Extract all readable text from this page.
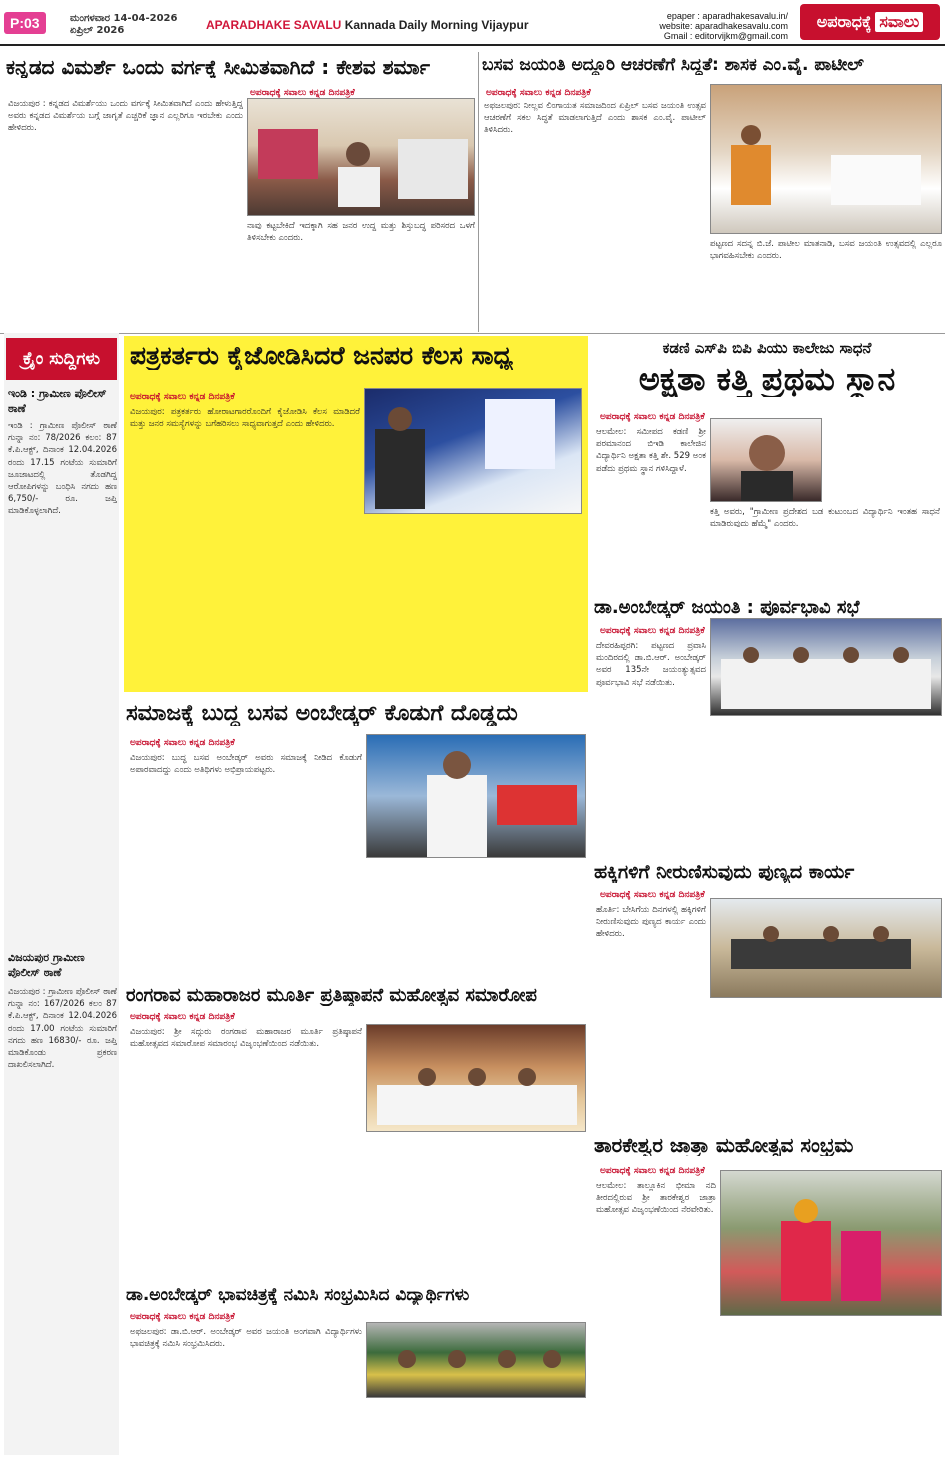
P:03	ಮಂಗಳವಾರ 14-04-2026
ಏಪ್ರಿಲ್ 2026	APARADHAKE SAVALU Kannada Daily Morning Vijaypur
epaper : aparadhakesavalu.in/
website: aparadhakesavalu.com
Gmail : editorvijkm@gmail.com
ಅಪರಾಧಕ್ಕೆ ಸವಾಲು
ಕನ್ನಡದ ವಿಮರ್ಶೆ ಒಂದು ವರ್ಗಕ್ಕೆ ಸೀಮಿತವಾಗಿದೆ : ಕೇಶವ ಶರ್ಮಾ
ಅಪರಾಧಕ್ಕೆ ಸವಾಲು ಕನ್ನಡ ದಿನಪತ್ರಿಕೆ
ವಿಜಯಪುರ : ಕನ್ನಡದ ವಿಮರ್ಶೆಯು ಒಂದು ವರ್ಗಕ್ಕೆ ಸೀಮಿತವಾಗಿದೆ ಎಂದು ಹೇಳುತ್ತಿದ್ದ ಅವರು ಕನ್ನಡದ ವಿಮರ್ಶೆಯ ಬಗ್ಗೆ ಜಾಗೃತೆ ಎಚ್ಚರಿಕೆ ಜ್ಞಾನ ಎಲ್ಲರಿಗೂ ಇರಬೇಕು ಎಂದು ಹೇಳಿದರು.
ನಾವು ಕಟ್ಟಬೇಕಿದೆ ಇದಕ್ಕಾಗಿ ಸಹ ಜನರ ಉದ್ದ ಮತ್ತು ಶಿಸ್ತುಬದ್ಧ ಪರಿಸರದ ಒಳಗೆ ತಿಳಿಸಬೇಕು ಎಂದರು.
ಬಸವ ಜಯಂತಿ ಅದ್ದೂರಿ ಆಚರಣೆಗೆ ಸಿದ್ಧತೆ: ಶಾಸಕ ಎಂ.ವೈ. ಪಾಟೀಲ್
ಅಪರಾಧಕ್ಕೆ ಸವಾಲು ಕನ್ನಡ ದಿನಪತ್ರಿಕೆ
ಅಫಜಲಪುರ: ನೀಲ್ಲವ ಲಿಂಗಾಯತ ಸಮಾಜದಿಂದ ಏಪ್ರಿಲ್ ಬಸವ ಜಯಂತಿ ಉತ್ಸವ ಆಚರಣೆಗೆ ಸಕಲ ಸಿದ್ಧತೆ ಮಾಡಲಾಗುತ್ತಿದೆ ಎಂದು ಶಾಸಕ ಎಂ.ವೈ. ಪಾಟೀಲ್ ತಿಳಿಸಿದರು.
ಪಟ್ಟಣದ ಸದನ್ನ ಬಿ.ಜೆ. ಪಾಟೀಲ ಮಾತನಾಡಿ, ಬಸವ ಜಯಂತಿ ಉತ್ಸವದಲ್ಲಿ ಎಲ್ಲರೂ ಭಾಗವಹಿಸಬೇಕು ಎಂದರು.
ಕ್ರೈಂ ಸುದ್ದಿಗಳು
ಇಂಡಿ : ಗ್ರಾಮೀಣ ಪೊಲೀಸ್ ಠಾಣೆ
ಇಂಡಿ : ಗ್ರಾಮೀಣ ಪೊಲೀಸ್ ಠಾಣೆ ಗುನ್ನಾ ನಂ: 78/2026 ಕಲಂ: 87 ಕೆ.ಪಿ.ಆಕ್ಟ್, ದಿನಾಂಕ 12.04.2026 ರಂದು 17.15 ಗಂಟೆಯ ಸುಮಾರಿಗೆ ಜೂಜಾಟದಲ್ಲಿ ತೊಡಗಿದ್ದ ಆರೋಪಿಗಳನ್ನು ಬಂಧಿಸಿ ನಗದು ಹಣ 6,750/- ರೂ. ಜಪ್ತಿ ಮಾಡಿಕೊಳ್ಳಲಾಗಿದೆ.
ವಿಜಯಪುರ ಗ್ರಾಮೀಣ ಪೊಲೀಸ್ ಠಾಣೆ
ವಿಜಯಪುರ : ಗ್ರಾಮೀಣ ಪೊಲೀಸ್ ಠಾಣೆ ಗುನ್ನಾ ನಂ: 167/2026 ಕಲಂ 87 ಕೆ.ಪಿ.ಆಕ್ಟ್, ದಿನಾಂಕ 12.04.2026 ರಂದು 17.00 ಗಂಟೆಯ ಸುಮಾರಿಗೆ ನಗದು ಹಣ 16830/- ರೂ. ಜಪ್ತಿ ಮಾಡಿಕೊಂಡು ಪ್ರಕರಣ ದಾಖಲಿಸಲಾಗಿದೆ.
ಪತ್ರಕರ್ತರು ಕೈಜೋಡಿಸಿದರೆ ಜನಪರ ಕೆಲಸ ಸಾಧ್ಯ
ಅಪರಾಧಕ್ಕೆ ಸವಾಲು ಕನ್ನಡ ದಿನಪತ್ರಿಕೆ
ವಿಜಯಪುರ: ಪತ್ರಕರ್ತರು ಹೋರಾಟಗಾರರೊಂದಿಗೆ ಕೈಜೋಡಿಸಿ ಕೆಲಸ ಮಾಡಿದರೆ ಮತ್ತು ಜನರ ಸಮಸ್ಯೆಗಳನ್ನು ಬಗೆಹರಿಸಲು ಸಾಧ್ಯವಾಗುತ್ತದೆ ಎಂದು ಹೇಳಿದರು.
ಕಡಣಿ ಎಸ್‌ಪಿ ಬಿಪಿ ಪಿಯು ಕಾಲೇಜು ಸಾಧನೆ
ಅಕ್ಷತಾ ಕತ್ತಿ ಪ್ರಥಮ ಸ್ಥಾನ
ಅಪರಾಧಕ್ಕೆ ಸವಾಲು ಕನ್ನಡ ದಿನಪತ್ರಿಕೆ
ಆಲಮೇಲ: ಸಮೀಪದ ಕಡಣಿ ಶ್ರೀ ಪರಮಾನಂದ ಬಿಇಡಿ ಕಾಲೇಜಿನ ವಿದ್ಯಾರ್ಥಿನಿ ಅಕ್ಷತಾ ಕತ್ತಿ ಶೇ. 529 ಅಂಕ ಪಡೆದು ಪ್ರಥಮ ಸ್ಥಾನ ಗಳಿಸಿದ್ದಾಳೆ.
ಕತ್ತಿ ಅವರು, "ಗ್ರಾಮೀಣ ಪ್ರದೇಶದ ಬಡ ಕುಟುಂಬದ ವಿದ್ಯಾರ್ಥಿನಿ ಇಂತಹ ಸಾಧನೆ ಮಾಡಿರುವುದು ಹೆಮ್ಮೆ" ಎಂದರು.
ಡಾ.ಅಂಬೇಡ್ಕರ್ ಜಯಂತಿ : ಪೂರ್ವಭಾವಿ ಸಭೆ
ಅಪರಾಧಕ್ಕೆ ಸವಾಲು ಕನ್ನಡ ದಿನಪತ್ರಿಕೆ
ದೇವರಹಿಪ್ಪರಗಿ: ಪಟ್ಟಣದ ಪ್ರವಾಸಿ ಮಂದಿರದಲ್ಲಿ ಡಾ.ಬಿ.ಆರ್. ಅಂಬೇಡ್ಕರ್ ಅವರ 135ನೇ ಜಯಂತ್ಯುತ್ಸವದ ಪೂರ್ವಭಾವಿ ಸಭೆ ನಡೆಯಿತು.
ಸಮಾಜಕ್ಕೆ ಬುದ್ಧ ಬಸವ ಅಂಬೇಡ್ಕರ್ ಕೊಡುಗೆ ದೊಡ್ಡದು
ಅಪರಾಧಕ್ಕೆ ಸವಾಲು ಕನ್ನಡ ದಿನಪತ್ರಿಕೆ
ವಿಜಯಪುರ: ಬುದ್ಧ ಬಸವ ಅಂಬೇಡ್ಕರ್ ಅವರು ಸಮಾಜಕ್ಕೆ ನೀಡಿದ ಕೊಡುಗೆ ಅಪಾರವಾದದ್ದು ಎಂದು ಅತಿಥಿಗಳು ಅಭಿಪ್ರಾಯಪಟ್ಟರು.
ಹಕ್ಕಿಗಳಿಗೆ ನೀರುಣಿಸುವುದು ಪುಣ್ಯದ ಕಾರ್ಯ
ಅಪರಾಧಕ್ಕೆ ಸವಾಲು ಕನ್ನಡ ದಿನಪತ್ರಿಕೆ
ಹೊರ್ತಿ: ಬೇಸಿಗೆಯ ದಿನಗಳಲ್ಲಿ ಹಕ್ಕಿಗಳಿಗೆ ನೀರುಣಿಸುವುದು ಪುಣ್ಯದ ಕಾರ್ಯ ಎಂದು ಹೇಳಿದರು.
ರಂಗರಾವ ಮಹಾರಾಜರ ಮೂರ್ತಿ ಪ್ರತಿಷ್ಠಾಪನೆ ಮಹೋತ್ಸವ ಸಮಾರೋಪ
ಅಪರಾಧಕ್ಕೆ ಸವಾಲು ಕನ್ನಡ ದಿನಪತ್ರಿಕೆ
ವಿಜಯಪುರ: ಶ್ರೀ ಸದ್ಗುರು ರಂಗರಾವ ಮಹಾರಾಜರ ಮೂರ್ತಿ ಪ್ರತಿಷ್ಠಾಪನೆ ಮಹೋತ್ಸವದ ಸಮಾರೋಪ ಸಮಾರಂಭ ವಿಜೃಂಭಣೆಯಿಂದ ನಡೆಯಿತು.
ತಾರಕೇಶ್ವರ ಜಾತ್ರಾ ಮಹೋತ್ಸವ ಸಂಭ್ರಮ
ಅಪರಾಧಕ್ಕೆ ಸವಾಲು ಕನ್ನಡ ದಿನಪತ್ರಿಕೆ
ಆಲಮೇಲ: ತಾಲ್ಲೂಕಿನ ಭೀಮಾ ನದಿ ತೀರದಲ್ಲಿರುವ ಶ್ರೀ ತಾರಕೇಶ್ವರ ಜಾತ್ರಾ ಮಹೋತ್ಸವ ವಿಜೃಂಭಣೆಯಿಂದ ನೆರವೇರಿತು.
ಡಾ.ಅಂಬೇಡ್ಕರ್ ಭಾವಚಿತ್ರಕ್ಕೆ ನಮಿಸಿ ಸಂಭ್ರಮಿಸಿದ ವಿದ್ಯಾರ್ಥಿಗಳು
ಅಪರಾಧಕ್ಕೆ ಸವಾಲು ಕನ್ನಡ ದಿನಪತ್ರಿಕೆ
ಅಫಜಲಪುರ: ಡಾ.ಬಿ.ಆರ್. ಅಂಬೇಡ್ಕರ್ ಅವರ ಜಯಂತಿ ಅಂಗವಾಗಿ ವಿದ್ಯಾರ್ಥಿಗಳು ಭಾವಚಿತ್ರಕ್ಕೆ ನಮಿಸಿ ಸಂಭ್ರಮಿಸಿದರು.
